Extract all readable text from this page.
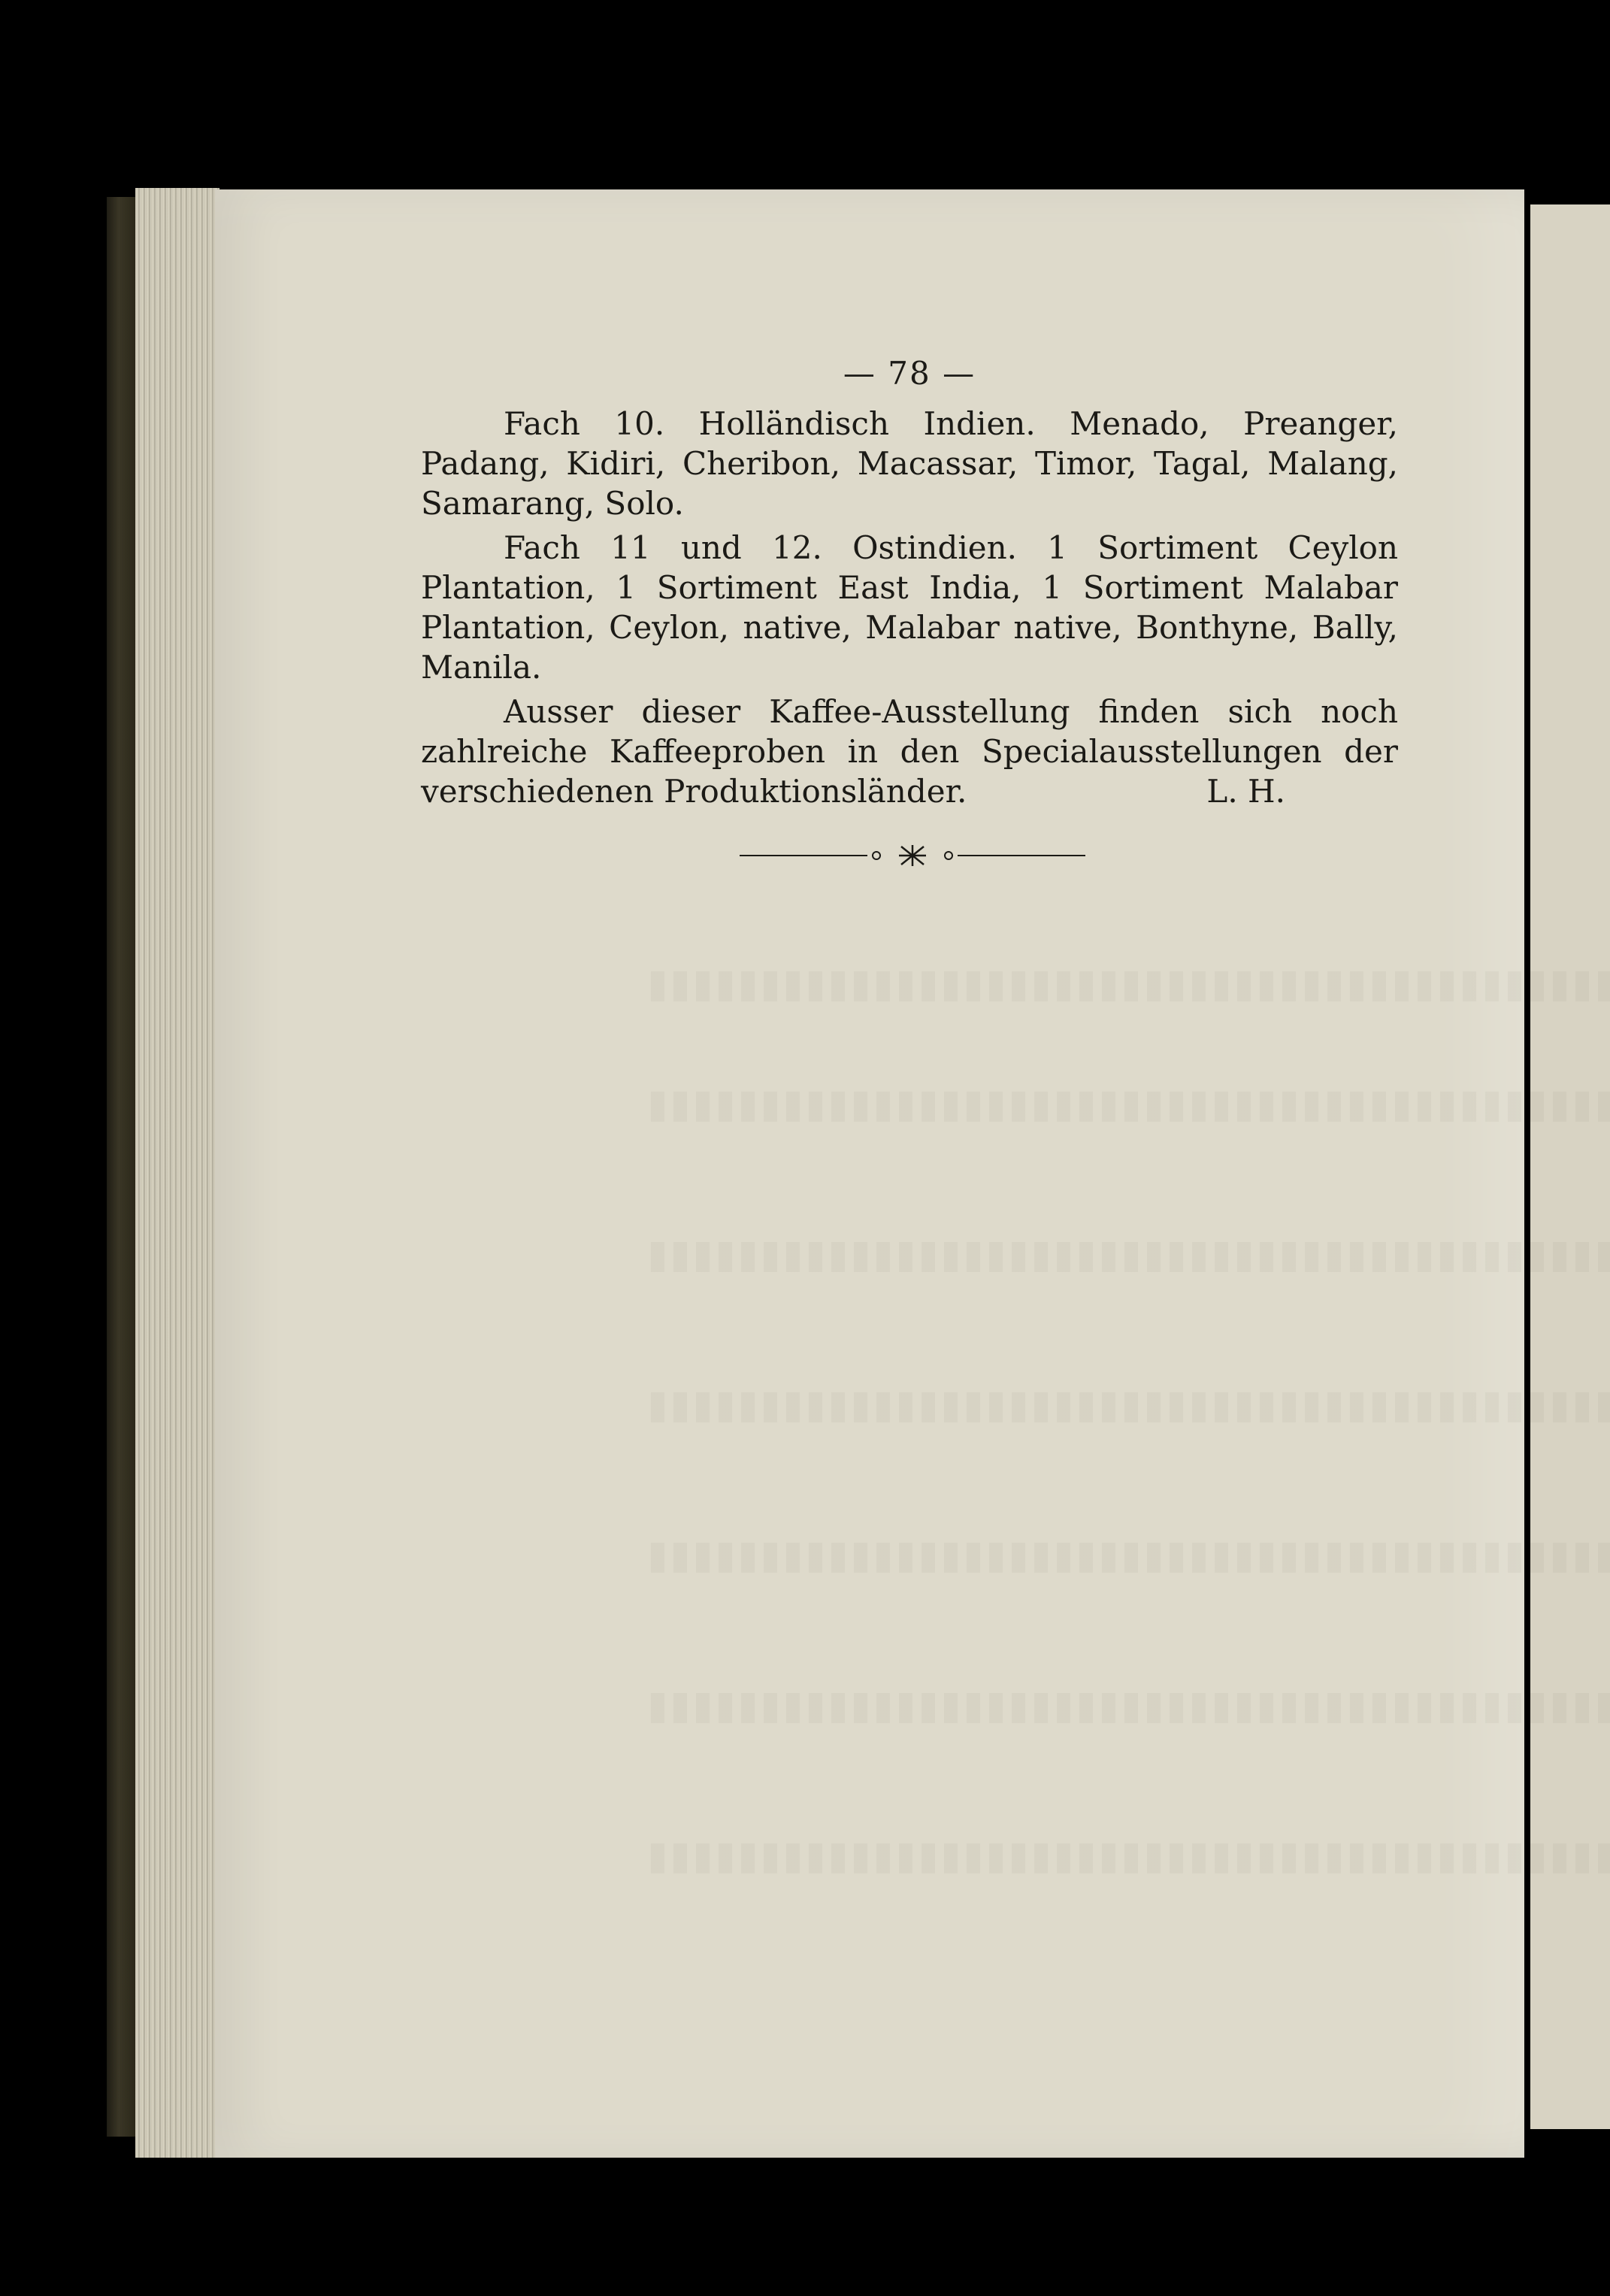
— 78 —

Fach 10. Holländisch Indien. Menado, Preanger, Padang, Kidiri, Cheribon, Macassar, Timor, Tagal, Malang, Samarang, Solo.

Fach 11 und 12. Ostindien. 1 Sortiment Ceylon Plantation, 1 Sortiment East India, 1 Sortiment Malabar Plantation, Ceylon, native, Malabar native, Bonthyne, Bally, Manila.

Ausser dieser Kaffee-Ausstellung finden sich noch zahlreiche Kaffeeproben in den Specialausstellungen der verschiedenen Produktionsländer.	L. H.
